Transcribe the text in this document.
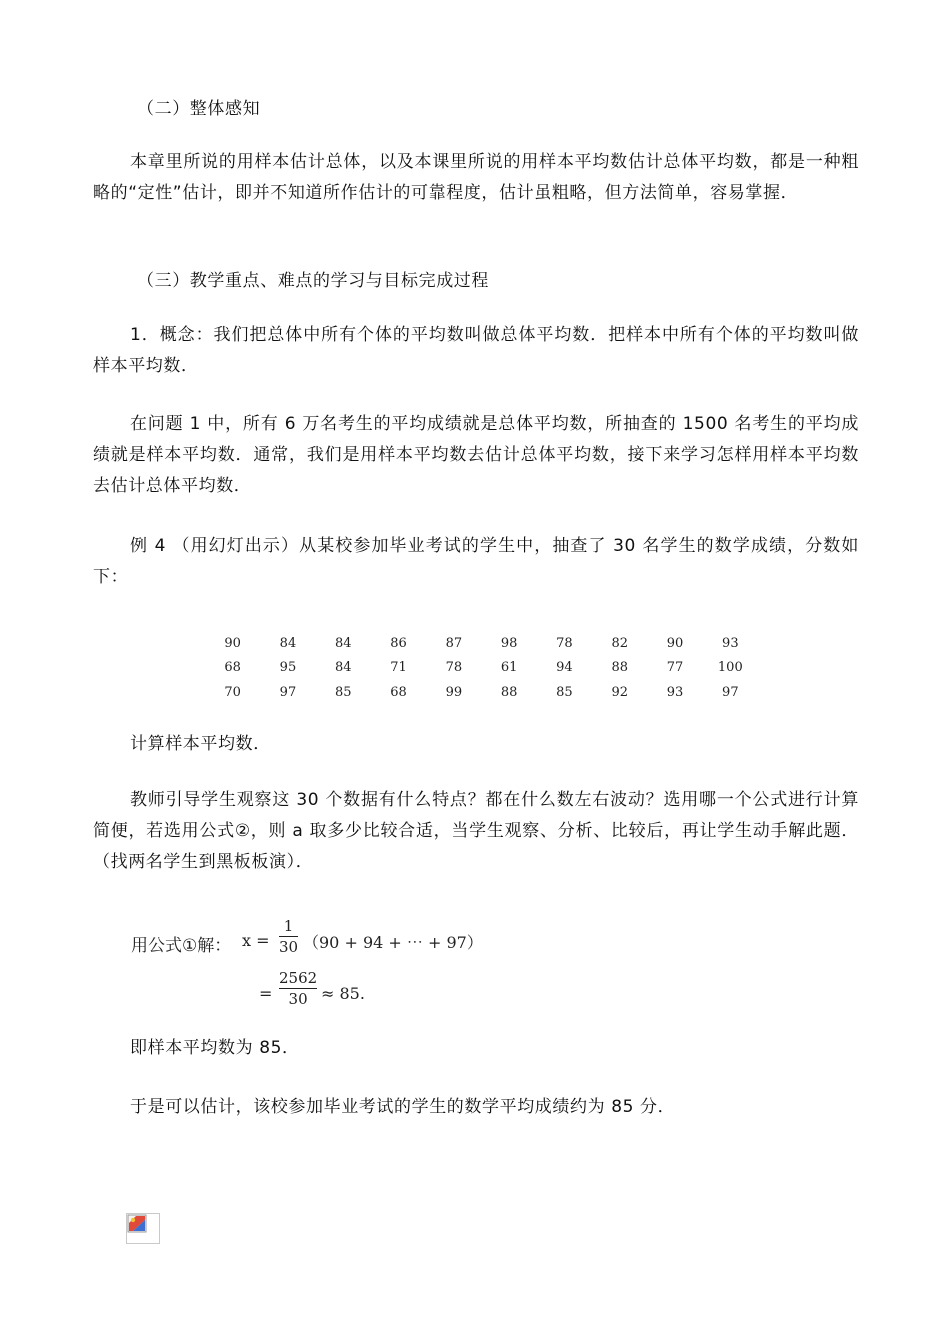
（二）整体感知
本章里所说的用样本估计总体，以及本课里所说的用样本平均数估计总体平均数，都是一种粗略的“定性”估计，即并不知道所作估计的可靠程度，估计虽粗略，但方法简单，容易掌握．
（三）教学重点、难点的学习与目标完成过程
1．概念：我们把总体中所有个体的平均数叫做总体平均数．把样本中所有个体的平均数叫做样本平均数．
在问题 1 中，所有 6 万名考生的平均成绩就是总体平均数，所抽查的 1500 名考生的平均成绩就是样本平均数．通常，我们是用样本平均数去估计总体平均数，接下来学习怎样用样本平均数去估计总体平均数．
例 4 （用幻灯出示）从某校参加毕业考试的学生中，抽查了 30 名学生的数学成绩，分数如下：
90	84	84	86	87	98	78	82	90	93
68	95	84	71	78	61	94	88	77	100
70	97	85	68	99	88	85	92	93	97
计算样本平均数．
教师引导学生观察这 30 个数据有什么特点？都在什么数左右波动？选用哪一个公式进行计算简便，若选用公式②，则 a 取多少比较合适，当学生观察、分析、比较后，再让学生动手解此题．（找两名学生到黑板板演）．
用公式①解： x =
1
30 （90 + 94 + ⋯ + 97）
=
2562
30 ≈ 85.
即样本平均数为 85．
于是可以估计，该校参加毕业考试的学生的数学平均成绩约为 85 分．
